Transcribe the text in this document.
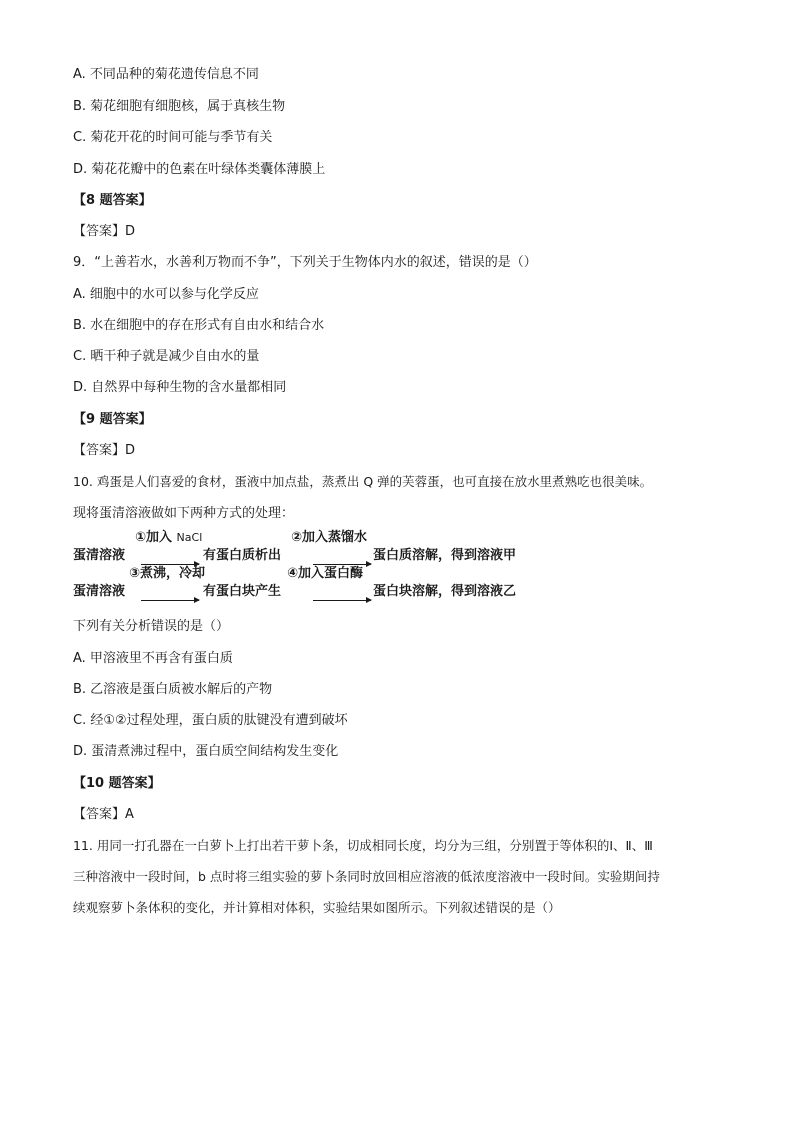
A. 不同品种的菊花遗传信息不同
B. 菊花细胞有细胞核，属于真核生物
C. 菊花开花的时间可能与季节有关
D. 菊花花瓣中的色素在叶绿体类囊体薄膜上
【8 题答案】
【答案】D
9．“上善若水，水善利万物而不争”，下列关于生物体内水的叙述，错误的是（）
A. 细胞中的水可以参与化学反应
B. 水在细胞中的存在形式有自由水和结合水
C. 晒干种子就是减少自由水的量
D. 自然界中每种生物的含水量都相同
【9 题答案】
【答案】D
10. 鸡蛋是人们喜爱的食材，蛋液中加点盐，蒸煮出 Q 弹的芙蓉蛋，也可直接在放水里煮熟吃也很美味。
现将蛋清溶液做如下两种方式的处理：
①加入 NaCl	②加入蒸馏水
蛋清溶液	有蛋白质析出	蛋白质溶解，得到溶液甲
③煮沸，冷却	④加入蛋白酶
蛋清溶液	有蛋白块产生	蛋白块溶解，得到溶液乙
下列有关分析错误的是（）
A. 甲溶液里不再含有蛋白质
B. 乙溶液是蛋白质被水解后的产物
C. 经①②过程处理，蛋白质的肽键没有遭到破坏
D. 蛋清煮沸过程中，蛋白质空间结构发生变化
【10 题答案】
【答案】A
11. 用同一打孔器在一白萝卜上打出若干萝卜条，切成相同长度，均分为三组，分别置于等体积的Ⅰ、Ⅱ、Ⅲ
三种溶液中一段时间，b 点时将三组实验的萝卜条同时放回相应溶液的低浓度溶液中一段时间。实验期间持
续观察萝卜条体积的变化，并计算相对体积，实验结果如图所示。下列叙述错误的是（）
